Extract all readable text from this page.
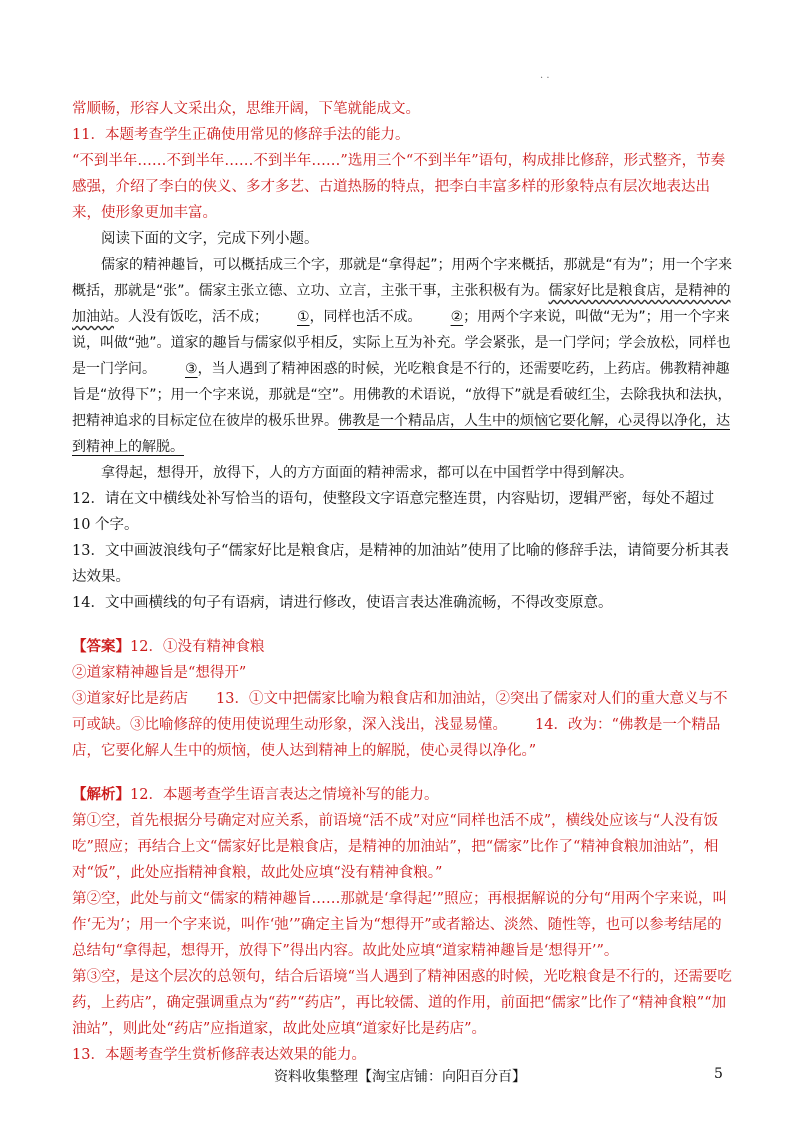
· ·

常顺畅，形容人文采出众，思维开阔，下笔就能成文。

11．本题考查学生正确使用常见的修辞手法的能力。

“不到半年……不到半年……不到半年……”选用三个“不到半年”语句，构成排比修辞，形式整齐，节奏感强，介绍了李白的侠义、多才多艺、古道热肠的特点，把李白丰富多样的形象特点有层次地表达出来，使形象更加丰富。

阅读下面的文字，完成下列小题。

儒家的精神趣旨，可以概括成三个字，那就是“拿得起”；用两个字来概括，那就是“有为”；用一个字来概括，那就是“张”。儒家主张立德、立功、立言，主张干事，主张积极有为。儒家好比是粮食店，是精神的加油站。人没有饭吃，活不成； ①，同样也活不成。 ②；用两个字来说，叫做“无为”；用一个字来说，叫做“弛”。道家的趣旨与儒家似乎相反，实际上互为补充。学会紧张，是一门学问；学会放松，同样也是一门学问。 ③，当人遇到了精神困惑的时候，光吃粮食是不行的，还需要吃药，上药店。佛教精神趣旨是“放得下”；用一个字来说，那就是“空”。用佛教的术语说，“放得下”就是看破红尘，去除我执和法执，把精神追求的目标定位在彼岸的极乐世界。佛教是一个精品店，人生中的烦恼它要化解，心灵得以净化，达到精神上的解脱。

拿得起，想得开，放得下，人的方方面面的精神需求，都可以在中国哲学中得到解决。

12．请在文中横线处补写恰当的语句，使整段文字语意完整连贯，内容贴切，逻辑严密，每处不超过 10 个字。

13．文中画波浪线句子“儒家好比是粮食店，是精神的加油站”使用了比喻的修辞手法，请简要分析其表达效果。

14．文中画横线的句子有语病，请进行修改，使语言表达准确流畅，不得改变原意。

【答案】12．①没有精神食粮

②道家精神趣旨是“想得开”

③道家好比是药店 13．①文中把儒家比喻为粮食店和加油站，②突出了儒家对人们的重大意义与不可或缺。③比喻修辞的使用使说理生动形象，深入浅出，浅显易懂。 14．改为：“佛教是一个精品店，它要化解人生中的烦恼，使人达到精神上的解脱，使心灵得以净化。”

【解析】12．本题考查学生语言表达之情境补写的能力。

第①空，首先根据分号确定对应关系，前语境“活不成”对应“同样也活不成”，横线处应该与“人没有饭吃”照应；再结合上文“儒家好比是粮食店，是精神的加油站”，把“儒家”比作了“精神食粮加油站”，相对“饭”，此处应指精神食粮，故此处应填“没有精神食粮。”

第②空，此处与前文“儒家的精神趣旨……那就是‘拿得起’”照应；再根据解说的分句“用两个字来说，叫作‘无为’；用一个字来说，叫作‘弛’”确定主旨为“想得开”或者豁达、淡然、随性等，也可以参考结尾的总结句“拿得起，想得开，放得下”得出内容。故此处应填“道家精神趣旨是‘想得开’”。

第③空，是这个层次的总领句，结合后语境“当人遇到了精神困惑的时候，光吃粮食是不行的，还需要吃药，上药店”，确定强调重点为“药”“药店”，再比较儒、道的作用，前面把“儒家”比作了“精神食粮”“加油站”，则此处“药店”应指道家，故此处应填“道家好比是药店”。

13．本题考查学生赏析修辞表达效果的能力。

资料收集整理【淘宝店铺：向阳百分百】	5
